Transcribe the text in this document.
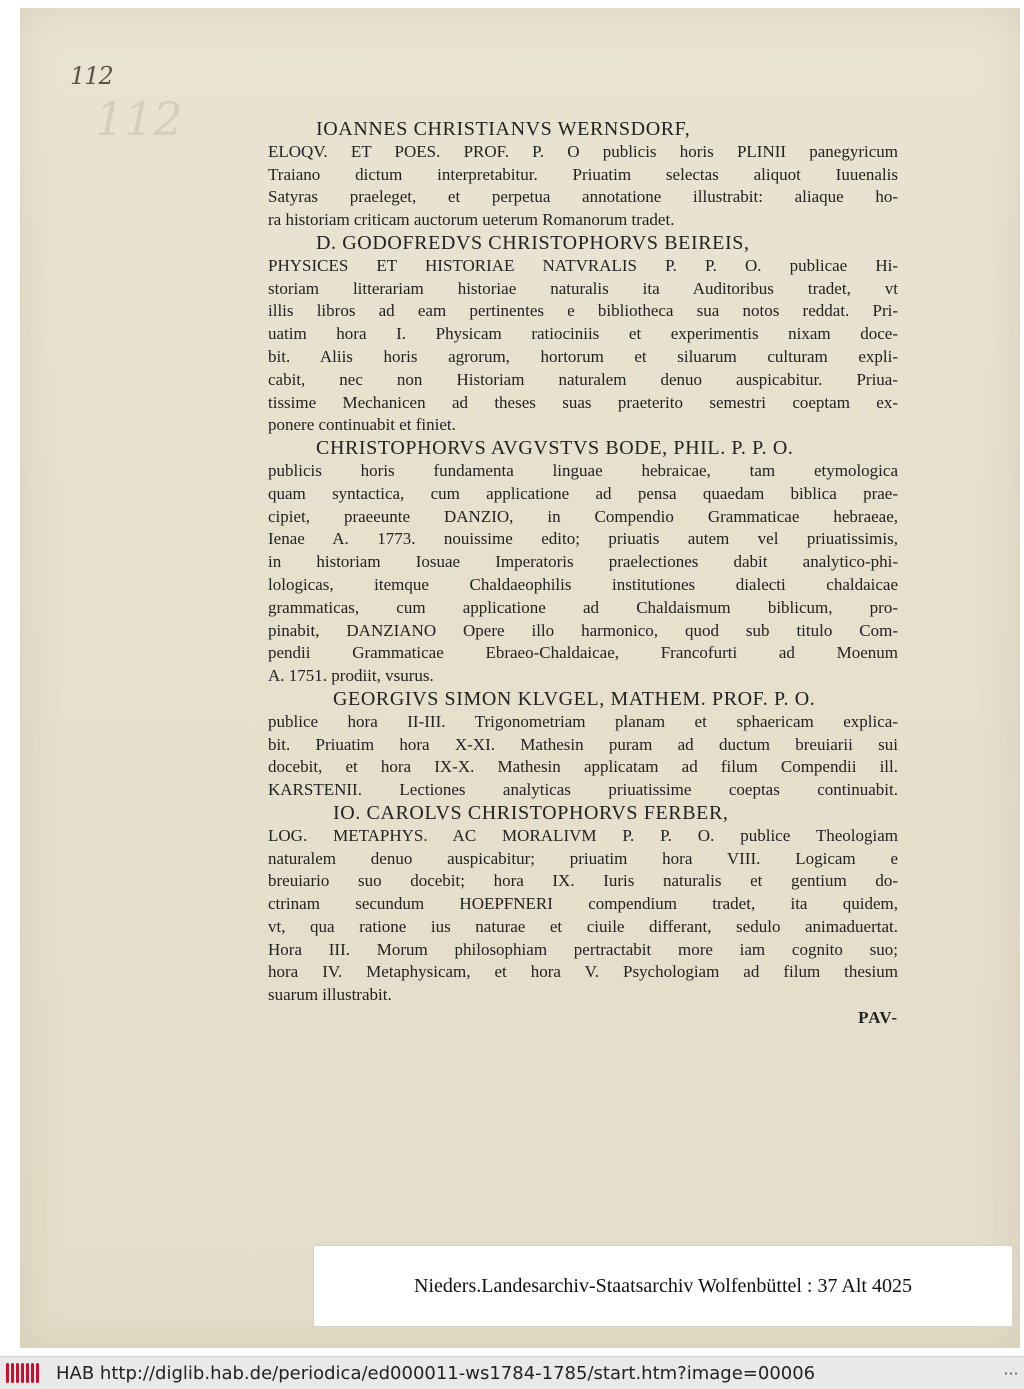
112
112	IOANNES CHRISTIANVS WERNSDORF,
ELOQV. ET POES. PROF. P. O publicis horis PLINII panegyricum
Traiano dictum interpretabitur. Priuatim selectas aliquot Iuuenalis
Satyras praeleget, et perpetua annotatione illustrabit: aliaque ho-
ra historiam criticam auctorum ueterum Romanorum tradet.
D. GODOFREDVS CHRISTOPHORVS BEIREIS,
PHYSICES ET HISTORIAE NATVRALIS P. P. O. publicae Hi-
storiam litterariam historiae naturalis ita Auditoribus tradet, vt
illis libros ad eam pertinentes e bibliotheca sua notos reddat. Pri-
uatim hora I. Physicam ratiociniis et experimentis nixam doce-
bit. Aliis horis agrorum, hortorum et siluarum culturam expli-
cabit, nec non Historiam naturalem denuo auspicabitur. Priua-
tissime Mechanicen ad theses suas praeterito semestri coeptam ex-
ponere continuabit et finiet.
CHRISTOPHORVS AVGVSTVS BODE, PHIL. P. P. O.
publicis horis fundamenta linguae hebraicae, tam etymologica
quam syntactica, cum applicatione ad pensa quaedam biblica prae-
cipiet, praeeunte DANZIO, in Compendio Grammaticae hebraeae,
Ienae A. 1773. nouissime edito; priuatis autem vel priuatissimis,
in historiam Iosuae Imperatoris praelectiones dabit analytico-phi-
lologicas, itemque Chaldaeophilis institutiones dialecti chaldaicae
grammaticas, cum applicatione ad Chaldaismum biblicum, pro-
pinabit, DANZIANO Opere illo harmonico, quod sub titulo Com-
pendii Grammaticae Ebraeo-Chaldaicae, Francofurti ad Moenum
A. 1751. prodiit, vsurus.
GEORGIVS SIMON KLVGEL, MATHEM. PROF. P. O.
publice hora II-III. Trigonometriam planam et sphaericam explica-
bit. Priuatim hora X-XI. Mathesin puram ad ductum breuiarii sui
docebit, et hora IX-X. Mathesin applicatam ad filum Compendii ill.
KARSTENII. Lectiones analyticas priuatissime coeptas continuabit.
IO. CAROLVS CHRISTOPHORVS FERBER,
LOG. METAPHYS. AC MORALIVM P. P. O. publice Theologiam
naturalem denuo auspicabitur; priuatim hora VIII. Logicam e
breuiario suo docebit; hora IX. Iuris naturalis et gentium do-
ctrinam secundum HOEPFNERI compendium tradet, ita quidem,
vt, qua ratione ius naturae et ciuile differant, sedulo animaduertat.
Hora III. Morum philosophiam pertractabit more iam cognito suo;
hora IV. Metaphysicam, et hora V. Psychologiam ad filum thesium
suarum illustrabit.
PAV-
Nieders.Landesarchiv-Staatsarchiv Wolfenbüttel : 37 Alt 4025
HAB http://diglib.hab.de/periodica/ed000011-ws1784-1785/start.htm?image=00006	···
